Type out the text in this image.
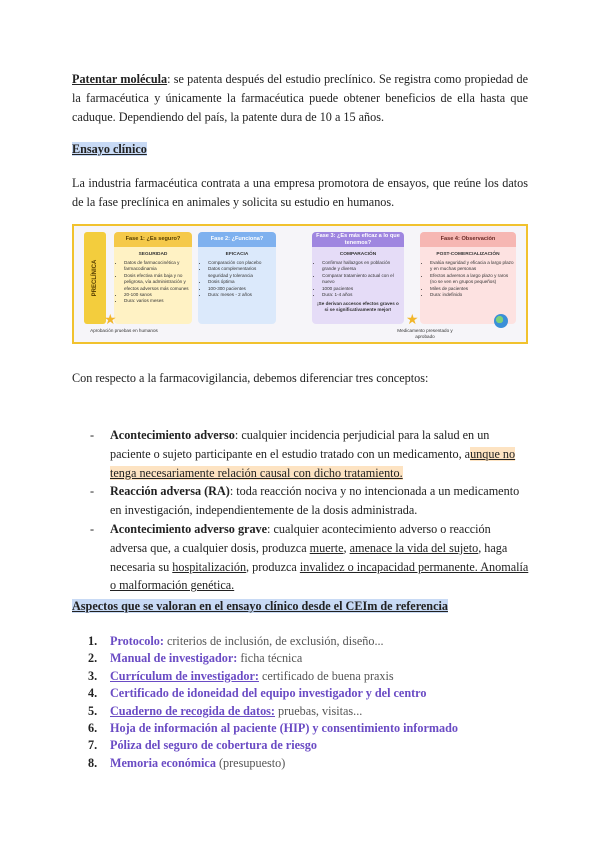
Patentar molécula: se patenta después del estudio preclínico. Se registra como propiedad de la farmacéutica y únicamente la farmacéutica puede obtener beneficios de ella hasta que caduque. Dependiendo del país, la patente dura de 10 a 15 años.

Ensayo clínico

La industria farmacéutica contrata a una empresa promotora de ensayos, que reúne los datos de la fase preclínica en animales y solicita su estudio en humanos.

PRECLÍNICA
Fase 1: ¿Es seguro?
SEGURIDAD
• Datos de farmacocinética y farmacodinamia
• Dosis efectiva más baja y no peligrosa, vía administración y efectos adversos más comunes
• 20-100 sanos
• Dura: varios meses
Fase 2: ¿Funciona?
EFICACIA
• Comparación con placebo
• Datos complementarios seguridad y tolerancia
• Dosis óptima
• 100-300 pacientes
• Dura: meses - 2 años
Fase 3: ¿Es más eficaz a lo que tenemos?
COMPARACIÓN
• Confirmar hallazgos en población grande y diversa
• Comparar tratamiento actual con el nuevo
• 1000 pacientes
• Dura: 1-4 años
¡Se derivan accesos efectos graves o si se significativamente mejor!
Fase 4: Observación
POST-COMERCIALIZACIÓN
• Evalúa seguridad y eficacia a largo plazo y en muchas personas
• Efectos adversos a largo plazo y raros (no se ven en grupos pequeños)
• Miles de pacientes
• Dura: indefinido
★	★
Aprobación pruebas en humanos	Medicamento presentado y aprobado

Con respecto a la farmacovigilancia, debemos diferenciar tres conceptos:

- Acontecimiento adverso: cualquier incidencia perjudicial para la salud en un paciente o sujeto participante en el estudio tratado con un medicamento, aunque no tenga necesariamente relación causal con dicho tratamiento.
- Reacción adversa (RA): toda reacción nociva y no intencionada a un medicamento en investigación, independientemente de la dosis administrada.
- Acontecimiento adverso grave: cualquier acontecimiento adverso o reacción adversa que, a cualquier dosis, produzca muerte, amenace la vida del sujeto, haga necesaria su hospitalización, produzca invalidez o incapacidad permanente. Anomalía o malformación genética.

Aspectos que se valoran en el ensayo clínico desde el CEIm de referencia

1. Protocolo: criterios de inclusión, de exclusión, diseño...
2. Manual de investigador: ficha técnica
3. Currículum de investigador: certificado de buena praxis
4. Certificado de idoneidad del equipo investigador y del centro
5. Cuaderno de recogida de datos: pruebas, visitas...
6. Hoja de información al paciente (HIP) y consentimiento informado
7. Póliza del seguro de cobertura de riesgo
8. Memoria económica (presupuesto)
